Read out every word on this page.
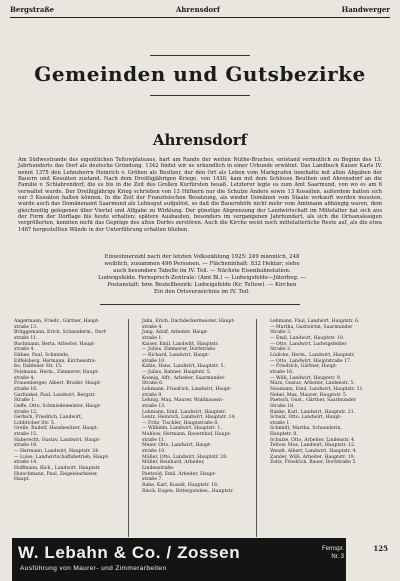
Bergstraße	Ahrensdorf	Handwerger
Gemeinden und Gutsbezirke
Ahrensdorf
Am Südwestrande des eigentlichen Teltowplateaus, hart am Rande der weiten Nuthe-Bruches, entstand vermutlich zu Beginn des 13. Jahrhunderts das Dorf als deutsche Gründung. 1342 findet wir es urkundlich in einer Urkunde erwähnt. Das Landbuch Kaiser Karls IV. nennt 1375 den Lehnsherrn Heinrich v. Gröben als Besitzer, der den Ort als Lehen vom Markgrafen innehatte mit allen Abgaben der Bauern und Kossäten zustand. Nach dem Dreißigjährigen Kriege, von 1430, kam mit dem Schlosse Beuthen und Ahrensdorf an die Familie v. Schlabrendorf, die es bis in die Zeit des Großen Kurfürsten besaß. Letzterer legte es zum Amt Saarmund, von wo es am 6 verwaltet wurde. Der Dreißigjährige Krieg schrieben von 13 Hüfnern nur die Schulze Anders sowie 13 Kossäten, außerdem hatten sich nur 3 Kossäten halten können. In die Zeit der Französischen Besatzung, als wieder Domänen vom Staate verkauft werden mussten, wurde auch das Domänenamt Saarmund als Lehnsgut aufgelöst, so daß die Bauernhöfe nicht mehr vom Amtmann abhängig waren, dem gleichzeitig gelegenen über Viertel und Alfgabe zu Wirklung. Der günstige Abgrenzung der Landwirtschaft im Mittelalter hat sich aus der Form der Dorflage bis heute erhalten; spätere Ausbauten, besonders im vergangenen Jahrhundert, als sich die Ortsansässigen vergrößerten, konnten nicht das Gepräge des alten Dorfes zerstören. Auch die Kirche weist noch mittelalterliche Reste auf, als die etwa 1467 hergestellten Wände in der Unterführung erhalten blieben.
Einwohnerzahl nach der letzten Volkszählung 1925: 249 männlich, 248
weiblich, zusammen 496 Personen. — Flächeninhalt: 832 Hektar; siehe
auch besondere Tabelle im IV. Teil. — Nächste Eisenbahnstation:
Ludwigsfelde. Fernsprech-Zentrale: (Amt Bl.) — Ludwigsfelde—Jüterbog. —
Postanstalt: bzw. Bestellbezirk: Ludwigsfelde (Kr. Teltow). — Kirchen
Ein den Ortsverzeichnis im IV. Teil.
Angermann, Friedr., Gärtner, Haupt-
straße 13.
Brüggemann, Erich, Schneiderm., Dorf-
straße 11.
Buchmann, Berta, Arbeiter, Haupt-
straße 4.
Dähne, Paul, Schmiede,
Eiffelsberg, Hermann, Kirchenstra-
ße, Dahlener Str. 15.
Felzmann, Herm., Zimmerer, Haupt-
straße 4.
Frauenberger, Albert, Bruder, Haupt-
straße 16.
Garfunkel, Paul, Landwirt, Bergstr.
Straße 1.
Geffe, Otto, Schmiedemeister, Haupt-
straße 12.
Gerlach, Friedrich, Landwirt,
Lobbricher Str. 5.
Grelle, Rudolf, Hausbesitzer, Haupt-
straße 15.
Haberecht, Gustav, Landwirt, Haupt-
straße 18.
— Hermann, Landwirt, Hauptstr. 24.
— Luise, Landwirtschaftsbetrieb, Haupt-
straße 14.
Hoffmann, Rich., Landwirt, Hauptstr.
Hutschmann, Paul, Ziegeleiarbeiter,
Haupt.
Jahn, Erich, Dachdeckermeister, Haupt-
straße 4.
Jung, Adolf, Arbeiter, Haupt-
straße 1.
Kaiser, Emil, Landwirt, Hauptstr.
— Julius, Zimmerer, Dorfstraße.
— Richard, Landwirt, Haupt-
straße 10.
Kahle, Hans, Landwirt, Hauptstr. 5.
— Julius, Bahner, Hauptstr. 5.
Koenig, Alfr., Arbeiter, Saarmunder
Straße 6.
Lehmann, Friedrich, Landwirt, Haupt-
straße 9.
Lehnig, Max, Maurer, Waldbauern-
straße 13.
Lehmann, Emil, Landwirt, Hauptstr.
Lentz, Heinrich, Landwirt, Hauptstr. 14.
— Fritz, Tischler, Hauptstraße 8.
— Wilhelm, Landwirt, Hauptstr. 1.
Mahlow, Hermann, Bauernhof, Haupt-
straße 11.
Meier, Otto, Landwirt, Haupt-
straße 10.
Müller, Otto, Landwirt, Hauptstr. 20.
Müller, Reinhard, Arbeiter,
Lindenstraße.
Paetzold, Emil, Arbeiter, Haupt-
straße 7.
Rabe, Karl, Kossät, Hauptstr. 16.
Rieck, Eugen, Rittergutsbes., Hauptstr.
Lehmann, Paul, Landwirt, Hauptstr. 6.
— Martha, Gastwirtin, Saarmunder
Straße 3.
— Emil, Landwirt, Hauptstr. 10.
— Otto, Landwirt, Ludwigsfelder
Straße 2.
Lüdicke, Herm., Landwirt, Hauptstr.
— Otto, Landwirt, Hauptstraße 17.
— Friedrich, Gärtner, Haupt-
straße 16.
— Willi, Landwirt, Hauptstr. 9.
Marx, Gustav, Arbeiter, Lindenstr. 5.
Naumann, Emil, Landwirt, Hauptstr. 11.
Nebel, Max, Maurer, Hauptstr. 5.
Paetsch, Gust., Gärtner, Saarmunder
Straße 18.
Ranke, Karl, Landwirt, Hauptstr. 21.
Schulz, Otto, Landwirt, Haupt-
straße 1.
Schmidt, Martha, Schneiderin,
Hauptstr. 8.
Schulze, Otto, Arbeiter, Lindenstr. 4.
Teltow, Max, Landwirt, Hauptstr. 12.
Wendt, Albert, Landwirt, Hauptstr. 4.
Zander, Willi, Arbeiter, Hauptstr. 19.
Zeitz, Friedrich, Bauer, Dorfstraße 5.
W. Lebahn & Co. / Zossen
Ausführung von Maurer- und Zimmerarbeiten
Fernspr.
Nr. 3
125
